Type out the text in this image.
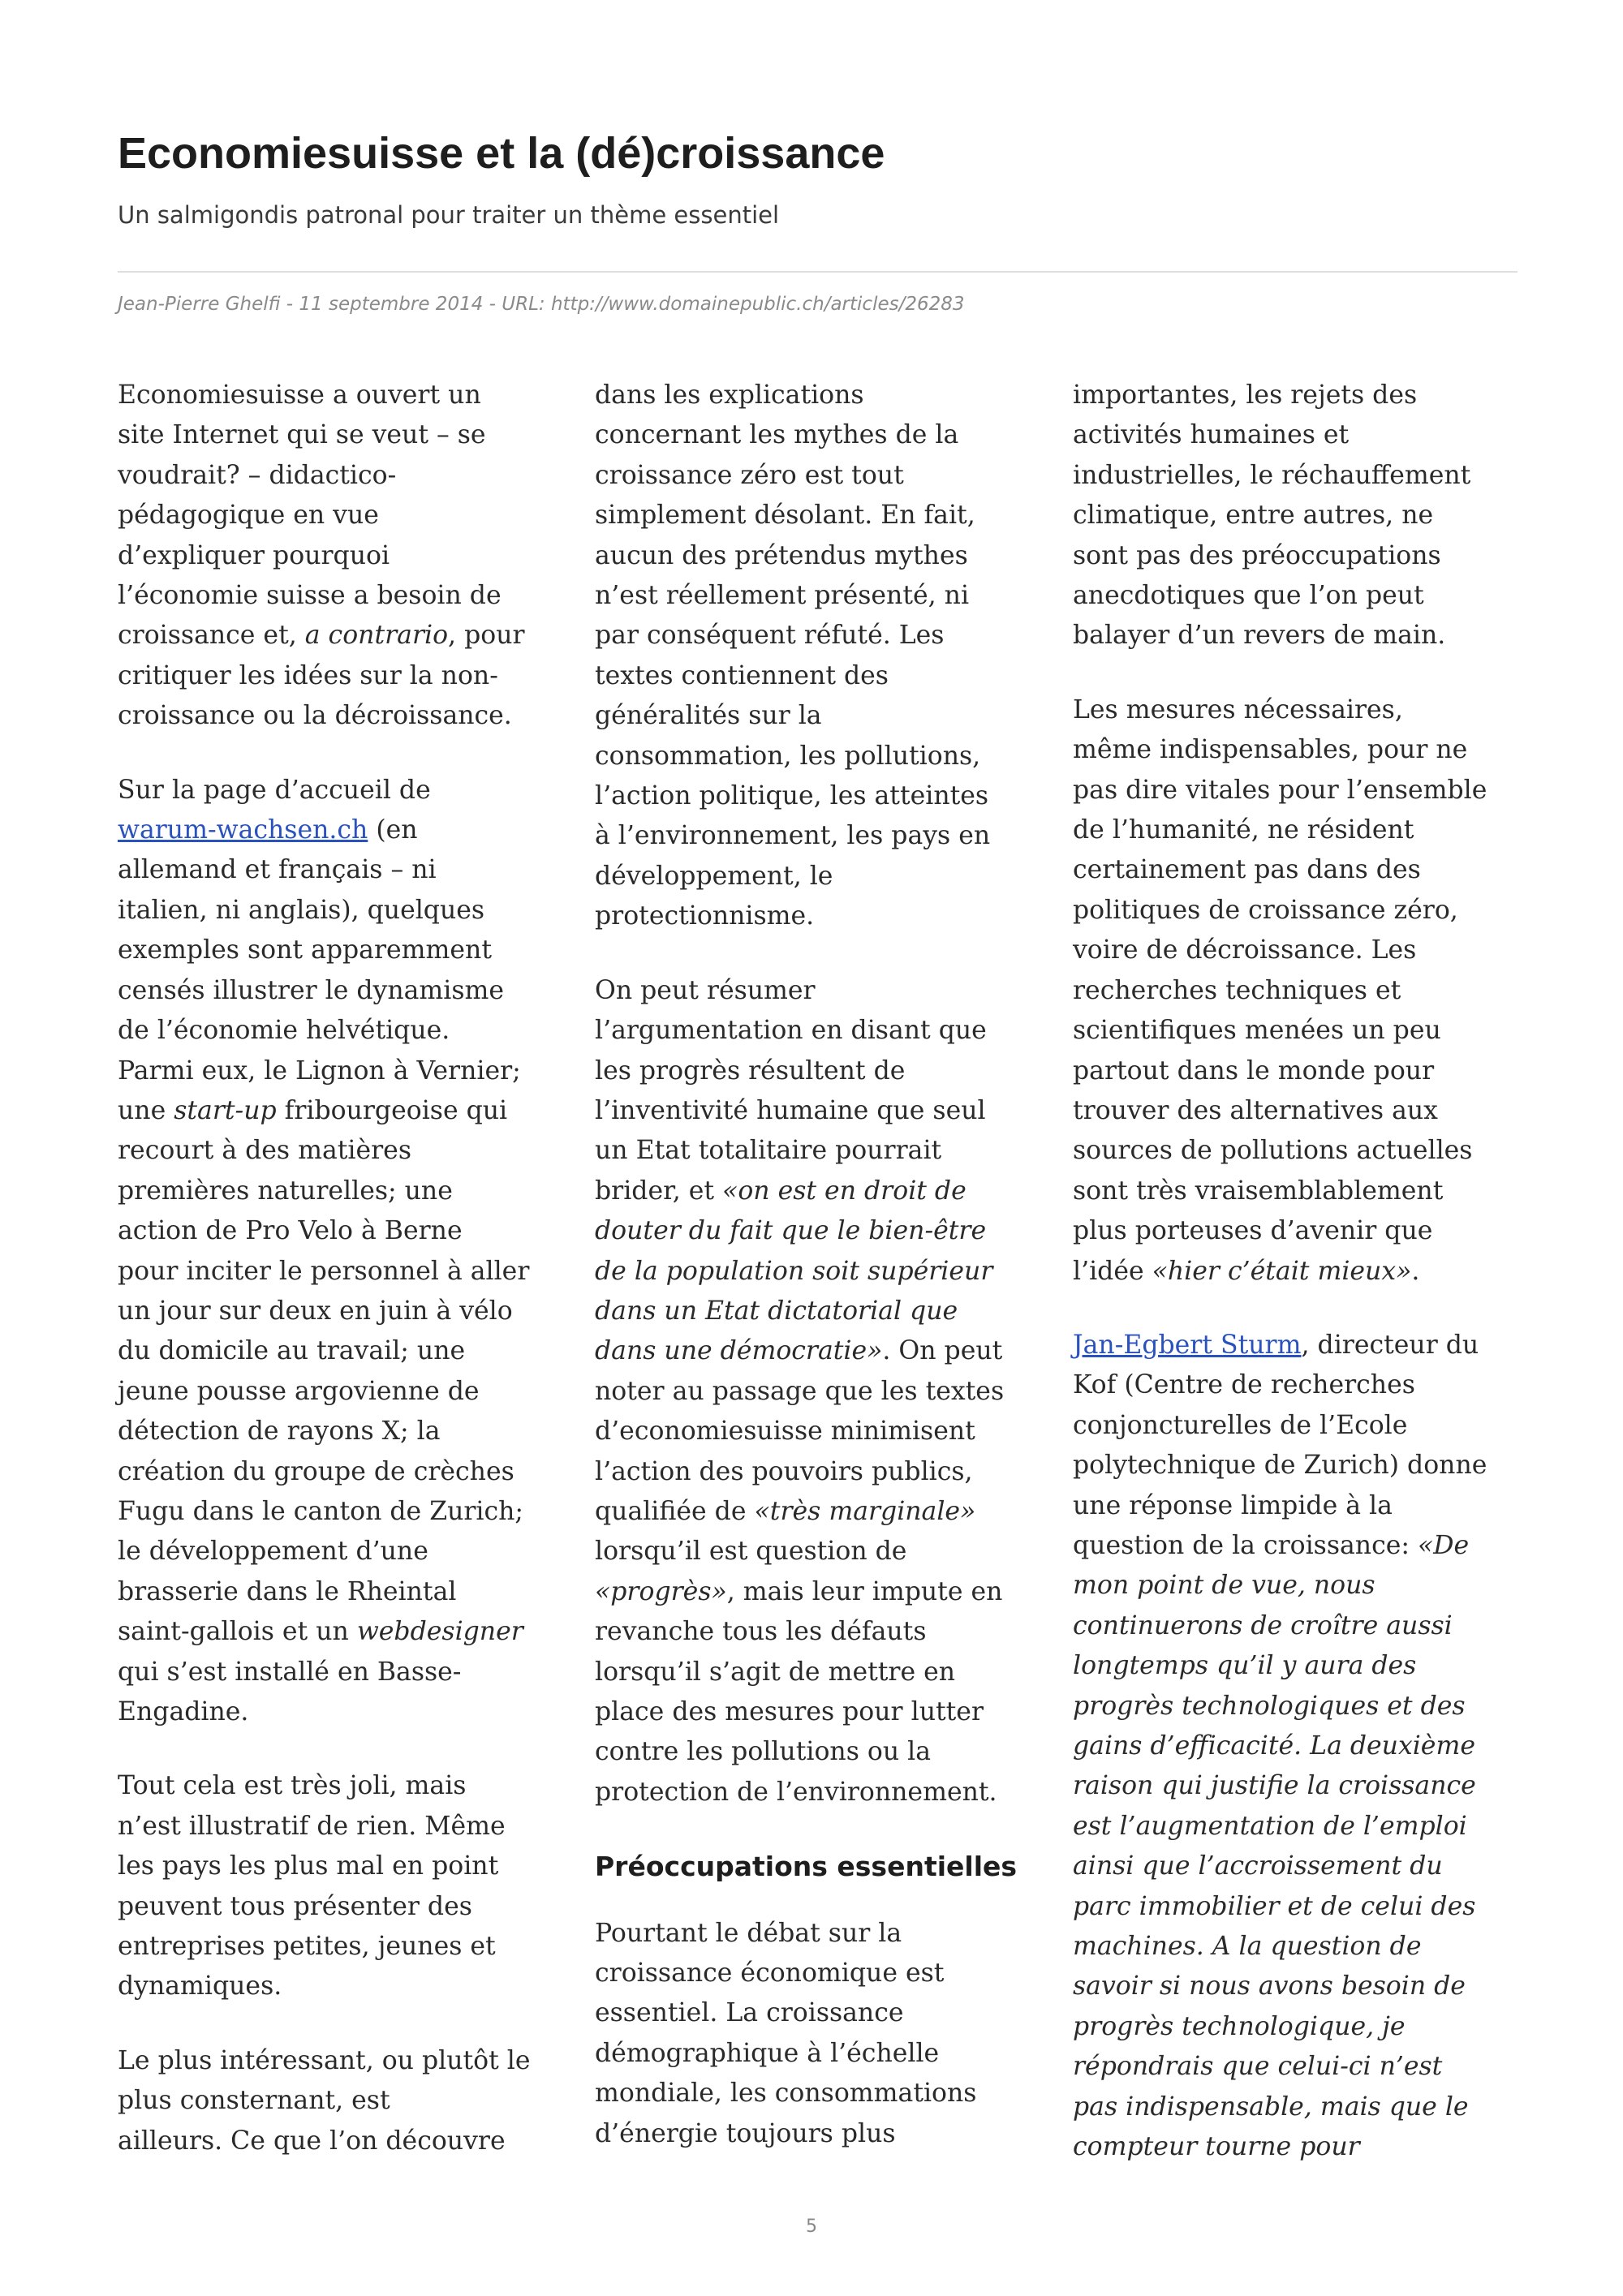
Economiesuisse et la (dé)croissance
Un salmigondis patronal pour traiter un thème essentiel
Jean-Pierre Ghelfi - 11 septembre 2014 - URL: http://www.domainepublic.ch/articles/26283

Economiesuisse a ouvert un
site Internet qui se veut – se
voudrait? – didactico-
pédagogique en vue
d’expliquer pourquoi
l’économie suisse a besoin de
croissance et, a contrario, pour
critiquer les idées sur la non-
croissance ou la décroissance.

Sur la page d’accueil de
warum-wachsen.ch (en
allemand et français – ni
italien, ni anglais), quelques
exemples sont apparemment
censés illustrer le dynamisme
de l’économie helvétique.
Parmi eux, le Lignon à Vernier;
une start-up fribourgeoise qui
recourt à des matières
premières naturelles; une
action de Pro Velo à Berne
pour inciter le personnel à aller
un jour sur deux en juin à vélo
du domicile au travail; une
jeune pousse argovienne de
détection de rayons X; la
création du groupe de crèches
Fugu dans le canton de Zurich;
le développement d’une
brasserie dans le Rheintal
saint-gallois et un webdesigner
qui s’est installé en Basse-
Engadine.

Tout cela est très joli, mais
n’est illustratif de rien. Même
les pays les plus mal en point
peuvent tous présenter des
entreprises petites, jeunes et
dynamiques.

Le plus intéressant, ou plutôt le
plus consternant, est
ailleurs. Ce que l’on découvre

dans les explications
concernant les mythes de la
croissance zéro est tout
simplement désolant. En fait,
aucun des prétendus mythes
n’est réellement présenté, ni
par conséquent réfuté. Les
textes contiennent des
généralités sur la
consommation, les pollutions,
l’action politique, les atteintes
à l’environnement, les pays en
développement, le
protectionnisme.

On peut résumer
l’argumentation en disant que
les progrès résultent de
l’inventivité humaine que seul
un Etat totalitaire pourrait
brider, et «on est en droit de
douter du fait que le bien-être
de la population soit supérieur
dans un Etat dictatorial que
dans une démocratie». On peut
noter au passage que les textes
d’economiesuisse minimisent
l’action des pouvoirs publics,
qualifiée de «très marginale»
lorsqu’il est question de
«progrès», mais leur impute en
revanche tous les défauts
lorsqu’il s’agit de mettre en
place des mesures pour lutter
contre les pollutions ou la
protection de l’environnement.

Préoccupations essentielles

Pourtant le débat sur la
croissance économique est
essentiel. La croissance
démographique à l’échelle
mondiale, les consommations
d’énergie toujours plus

importantes, les rejets des
activités humaines et
industrielles, le réchauffement
climatique, entre autres, ne
sont pas des préoccupations
anecdotiques que l’on peut
balayer d’un revers de main.

Les mesures nécessaires,
même indispensables, pour ne
pas dire vitales pour l’ensemble
de l’humanité, ne résident
certainement pas dans des
politiques de croissance zéro,
voire de décroissance. Les
recherches techniques et
scientifiques menées un peu
partout dans le monde pour
trouver des alternatives aux
sources de pollutions actuelles
sont très vraisemblablement
plus porteuses d’avenir que
l’idée «hier c’était mieux».

Jan-Egbert Sturm, directeur du
Kof (Centre de recherches
conjoncturelles de l’Ecole
polytechnique de Zurich) donne
une réponse limpide à la
question de la croissance: «De
mon point de vue, nous
continuerons de croître aussi
longtemps qu’il y aura des
progrès technologiques et des
gains d’efficacité. La deuxième
raison qui justifie la croissance
est l’augmentation de l’emploi
ainsi que l’accroissement du
parc immobilier et de celui des
machines. A la question de
savoir si nous avons besoin de
progrès technologique, je
répondrais que celui-ci n’est
pas indispensable, mais que le
compteur tourne pour

5
